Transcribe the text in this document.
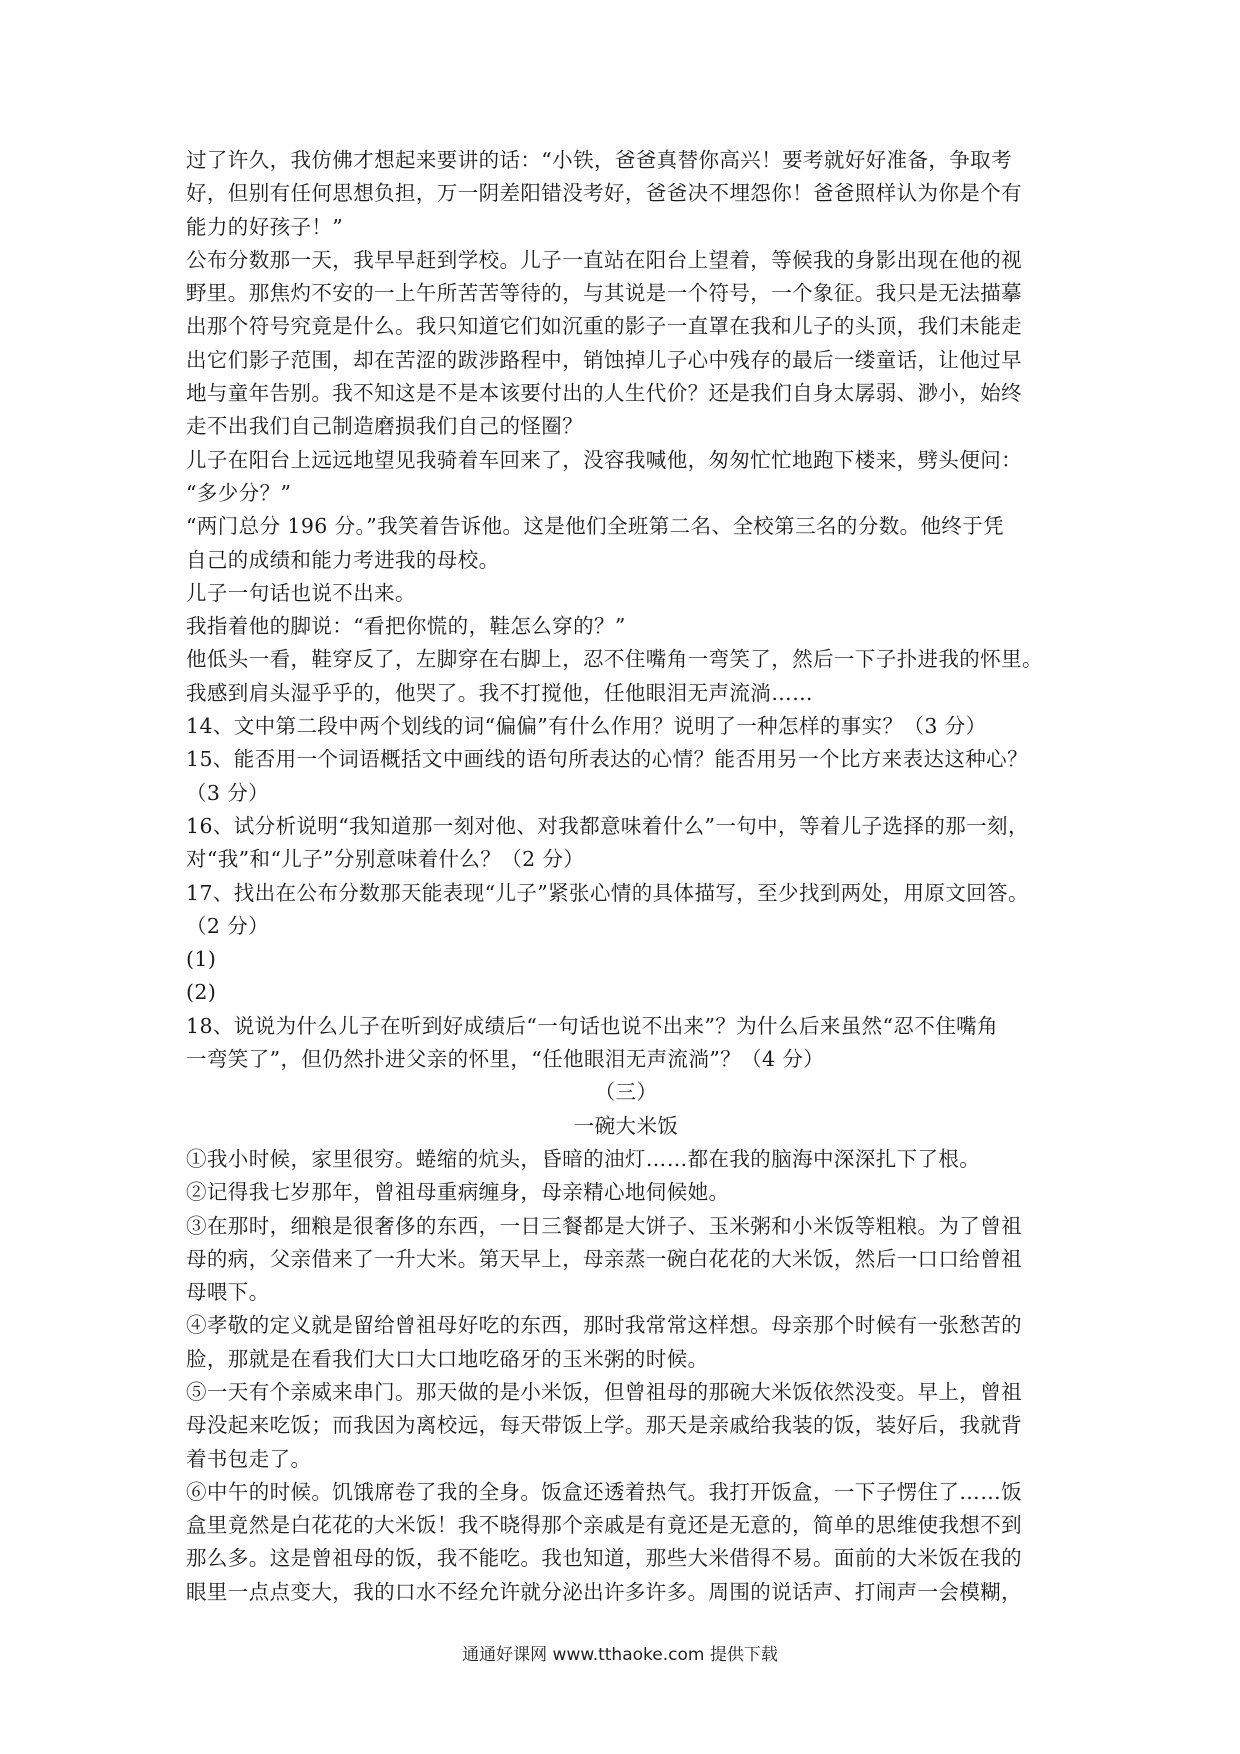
过了许久，我仿佛才想起来要讲的话：“小铁，爸爸真替你高兴！要考就好好准备，争取考
好，但别有任何思想负担，万一阴差阳错没考好，爸爸决不埋怨你！爸爸照样认为你是个有
能力的好孩子！”
公布分数那一天，我早早赶到学校。儿子一直站在阳台上望着，等候我的身影出现在他的视
野里。那焦灼不安的一上午所苦苦等待的，与其说是一个符号，一个象征。我只是无法描摹
出那个符号究竟是什么。我只知道它们如沉重的影子一直罩在我和儿子的头顶，我们未能走
出它们影子范围，却在苦涩的跋涉路程中，销蚀掉儿子心中残存的最后一缕童话，让他过早
地与童年告别。我不知这是不是本该要付出的人生代价？还是我们自身太孱弱、渺小，始终
走不出我们自己制造磨损我们自己的怪圈？
儿子在阳台上远远地望见我骑着车回来了，没容我喊他，匆匆忙忙地跑下楼来，劈头便问：
“多少分？”
“两门总分 196 分。”我笑着告诉他。这是他们全班第二名、全校第三名的分数。他终于凭
自己的成绩和能力考进我的母校。
儿子一句话也说不出来。
我指着他的脚说：“看把你慌的，鞋怎么穿的？”
他低头一看，鞋穿反了，左脚穿在右脚上，忍不住嘴角一弯笑了，然后一下子扑进我的怀里。
我感到肩头湿乎乎的，他哭了。我不打搅他，任他眼泪无声流淌……
14、文中第二段中两个划线的词“偏偏”有什么作用？说明了一种怎样的事实？（3 分）
15、能否用一个词语概括文中画线的语句所表达的心情？能否用另一个比方来表达这种心？
（3 分）
16、试分析说明“我知道那一刻对他、对我都意味着什么”一句中，等着儿子选择的那一刻，
对“我”和“儿子”分别意味着什么？（2 分）
17、找出在公布分数那天能表现“儿子”紧张心情的具体描写，至少找到两处，用原文回答。
（2 分）
(1)
(2)
18、说说为什么儿子在听到好成绩后“一句话也说不出来”？为什么后来虽然“忍不住嘴角
一弯笑了”，但仍然扑进父亲的怀里，“任他眼泪无声流淌”？（4 分）
（三）
一碗大米饭
①我小时候，家里很穷。蜷缩的炕头，昏暗的油灯……都在我的脑海中深深扎下了根。
②记得我七岁那年，曾祖母重病缠身，母亲精心地伺候她。
③在那时，细粮是很奢侈的东西，一日三餐都是大饼子、玉米粥和小米饭等粗粮。为了曾祖
母的病，父亲借来了一升大米。第天早上，母亲蒸一碗白花花的大米饭，然后一口口给曾祖
母喂下。
④孝敬的定义就是留给曾祖母好吃的东西，那时我常常这样想。母亲那个时候有一张愁苦的
脸，那就是在看我们大口大口地吃硌牙的玉米粥的时候。
⑤一天有个亲威来串门。那天做的是小米饭，但曾祖母的那碗大米饭依然没变。早上，曾祖
母没起来吃饭；而我因为离校远，每天带饭上学。那天是亲戚给我装的饭，装好后，我就背
着书包走了。
⑥中午的时候。饥饿席卷了我的全身。饭盒还透着热气。我打开饭盒，一下子愣住了……饭
盒里竟然是白花花的大米饭！我不晓得那个亲戚是有竟还是无意的，简单的思维使我想不到
那么多。这是曾祖母的饭，我不能吃。我也知道，那些大米借得不易。面前的大米饭在我的
眼里一点点变大，我的口水不经允许就分泌出许多许多。周围的说话声、打闹声一会模糊，
通通好课网 www.tthaoke.com 提供下载
